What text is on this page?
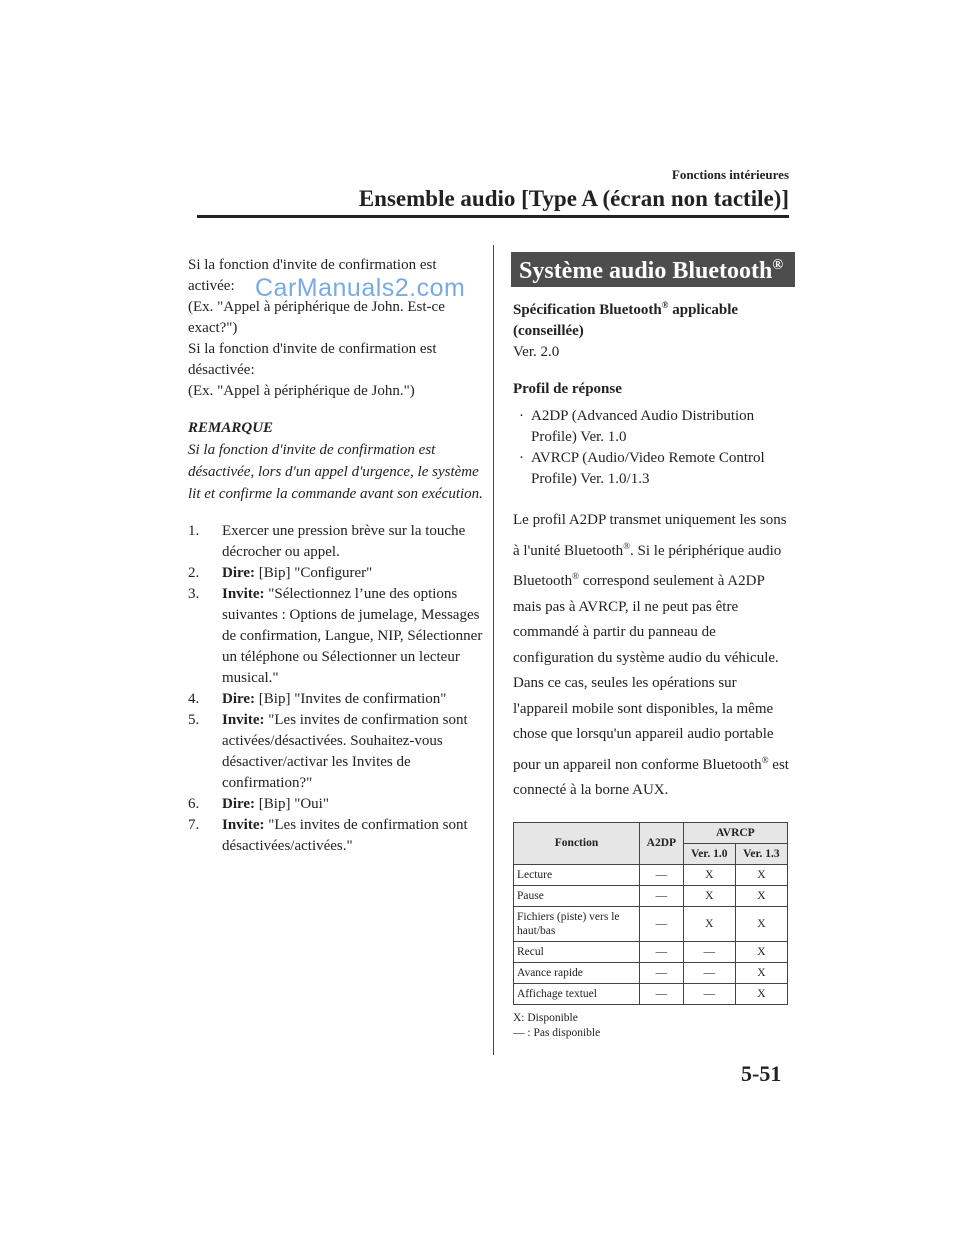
Fonctions intérieures
Ensemble audio [Type A (écran non tactile)]

Si la fonction d'invite de confirmation est activée:

(Ex. "Appel à périphérique de John. Est-ce exact?")

Si la fonction d'invite de confirmation est désactivée:

(Ex. "Appel à périphérique de John.")

REMARQUE

Si la fonction d'invite de confirmation est désactivée, lors d'un appel d'urgence, le système lit et confirme la commande avant son exécution.

1. Exercer une pression brève sur la touche décrocher ou appel.
2. Dire: [Bip] "Configurer"
3. Invite: "Sélectionnez l’une des options suivantes : Options de jumelage, Messages de confirmation, Langue, NIP, Sélectionner un téléphone ou Sélectionner un lecteur musical."
4. Dire: [Bip] "Invites de confirmation"
5. Invite: "Les invites de confirmation sont activées/désactivées. Souhaitez-vous désactiver/activar les Invites de confirmation?"
6. Dire: [Bip] "Oui"
7. Invite: "Les invites de confirmation sont désactivées/activées."
CarManuals2.com
Système audio Bluetooth®

Spécification Bluetooth® applicable (conseillée)

Ver. 2.0

Profil de réponse

· A2DP (Advanced Audio Distribution Profile) Ver. 1.0
· AVRCP (Audio/Video Remote Control Profile) Ver. 1.0/1.3

Le profil A2DP transmet uniquement les sons à l'unité Bluetooth®. Si le périphérique audio Bluetooth® correspond seulement à A2DP mais pas à AVRCP, il ne peut pas être commandé à partir du panneau de configuration du système audio du véhicule. Dans ce cas, seules les opérations sur l'appareil mobile sont disponibles, la même chose que lorsqu'un appareil audio portable pour un appareil non conforme Bluetooth® est connecté à la borne AUX.

Fonction	A2DP	AVRCP	
		Ver. 1.0	Ver. 1.3
Lecture	—	X	X
Pause	—	X	X
Fichiers (piste) vers le haut/bas	—	X	X
Recul	—	—	X
Avance rapide	—	—	X
Affichage textuel	—	—	X
X: Disponible
— : Pas disponible
5-51
